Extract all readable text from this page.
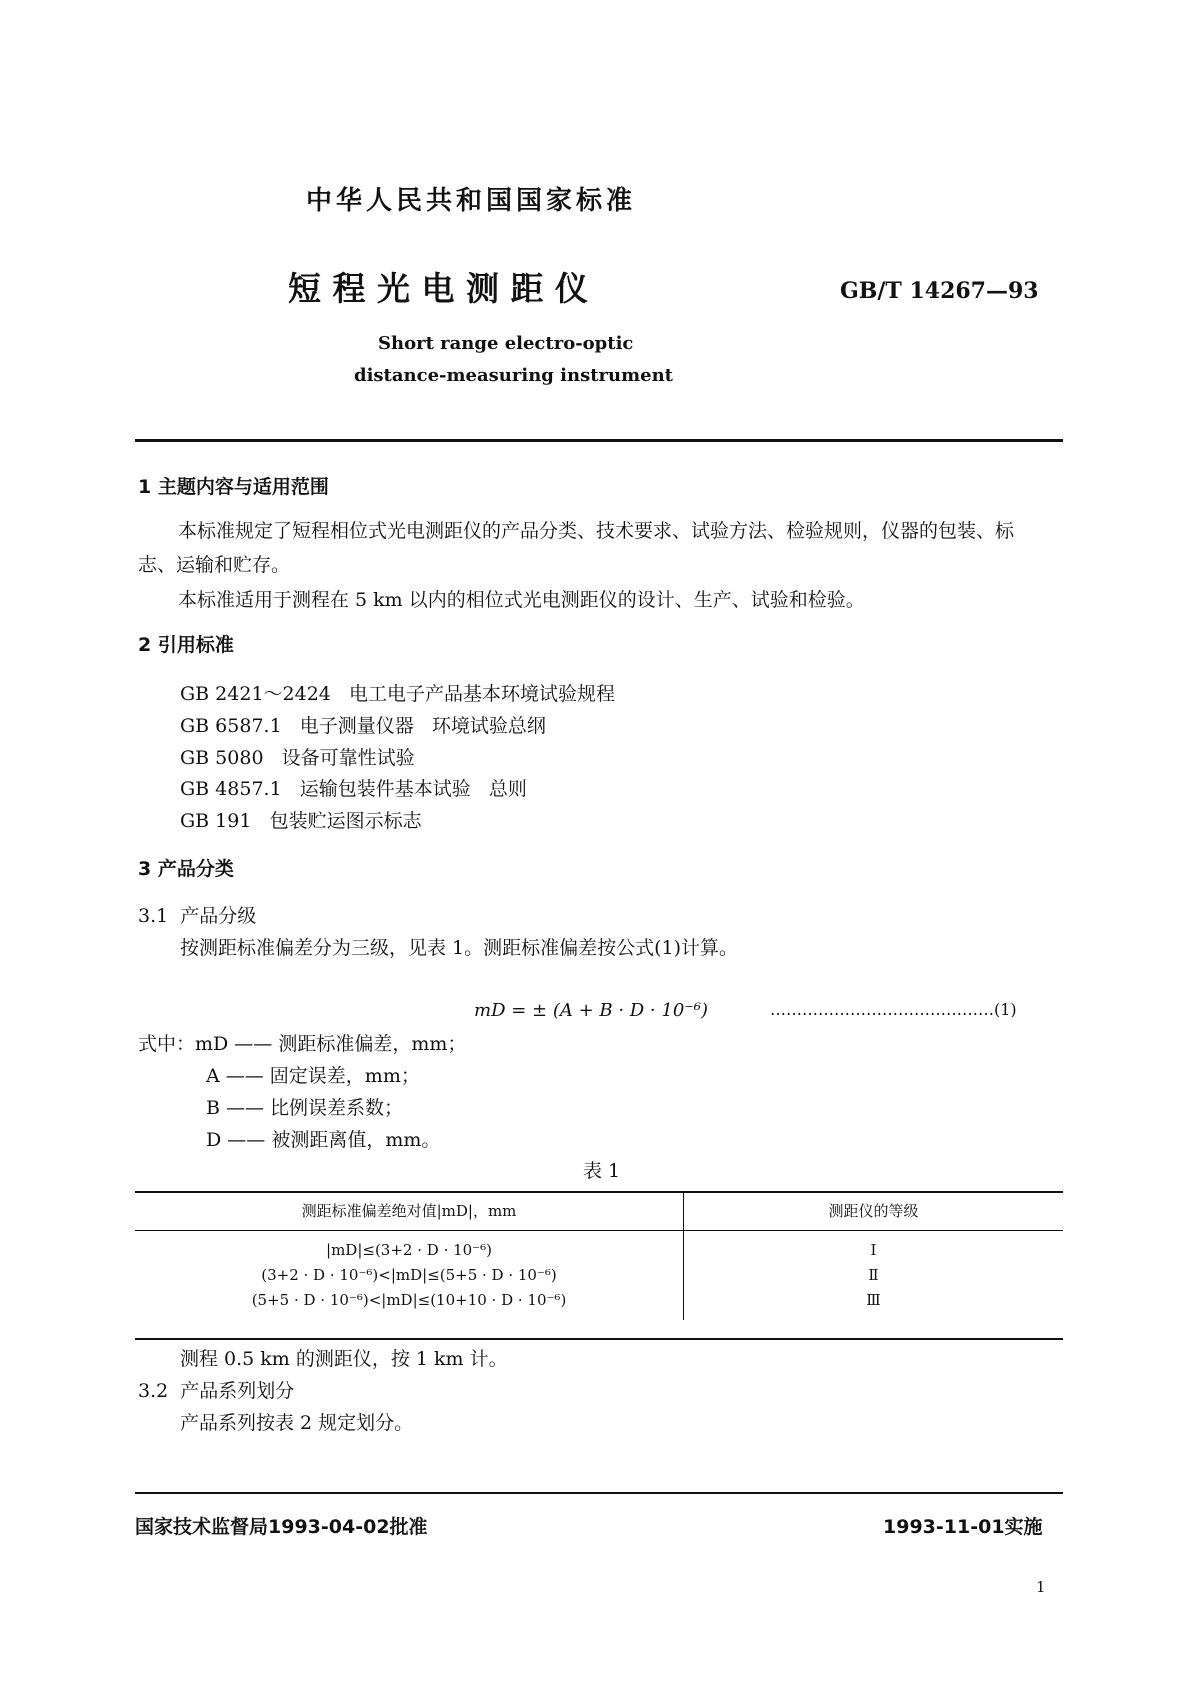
中华人民共和国国家标准
短 程 光 电 测 距 仪	GB/T 14267—93
Short range electro-optic
distance-measuring instrument
1 主题内容与适用范围
本标准规定了短程相位式光电测距仪的产品分类、技术要求、试验方法、检验规则，仪器的包装、标
志、运输和贮存。
本标准适用于测程在 5 km 以内的相位式光电测距仪的设计、生产、试验和检验。
2 引用标准
GB 2421～2424   电工电子产品基本环境试验规程
GB 6587.1   电子测量仪器   环境试验总纲
GB 5080   设备可靠性试验
GB 4857.1   运输包装件基本试验   总则
GB 191   包装贮运图示标志
3 产品分类
3.1  产品分级
按测距标准偏差分为三级，见表 1。测距标准偏差按公式(1)计算。
mD = ± (A + B · D · 10⁻⁶)	……………………………………(1)
式中：mD —— 测距标准偏差，mm；
A —— 固定误差，mm；
B —— 比例误差系数；
D —— 被测距离值，mm。
表 1
测距标准偏差绝对值|mD|，mm	测距仪的等级
|mD|≤(3+2 · D · 10⁻⁶)	Ⅰ
(3+2 · D · 10⁻⁶)<|mD|≤(5+5 · D · 10⁻⁶)	Ⅱ
(5+5 · D · 10⁻⁶)<|mD|≤(10+10 · D · 10⁻⁶)	Ⅲ
测程 0.5 km 的测距仪，按 1 km 计。
3.2  产品系列划分
产品系列按表 2 规定划分。
国家技术监督局1993-04-02批准	1993-11-01实施
1
